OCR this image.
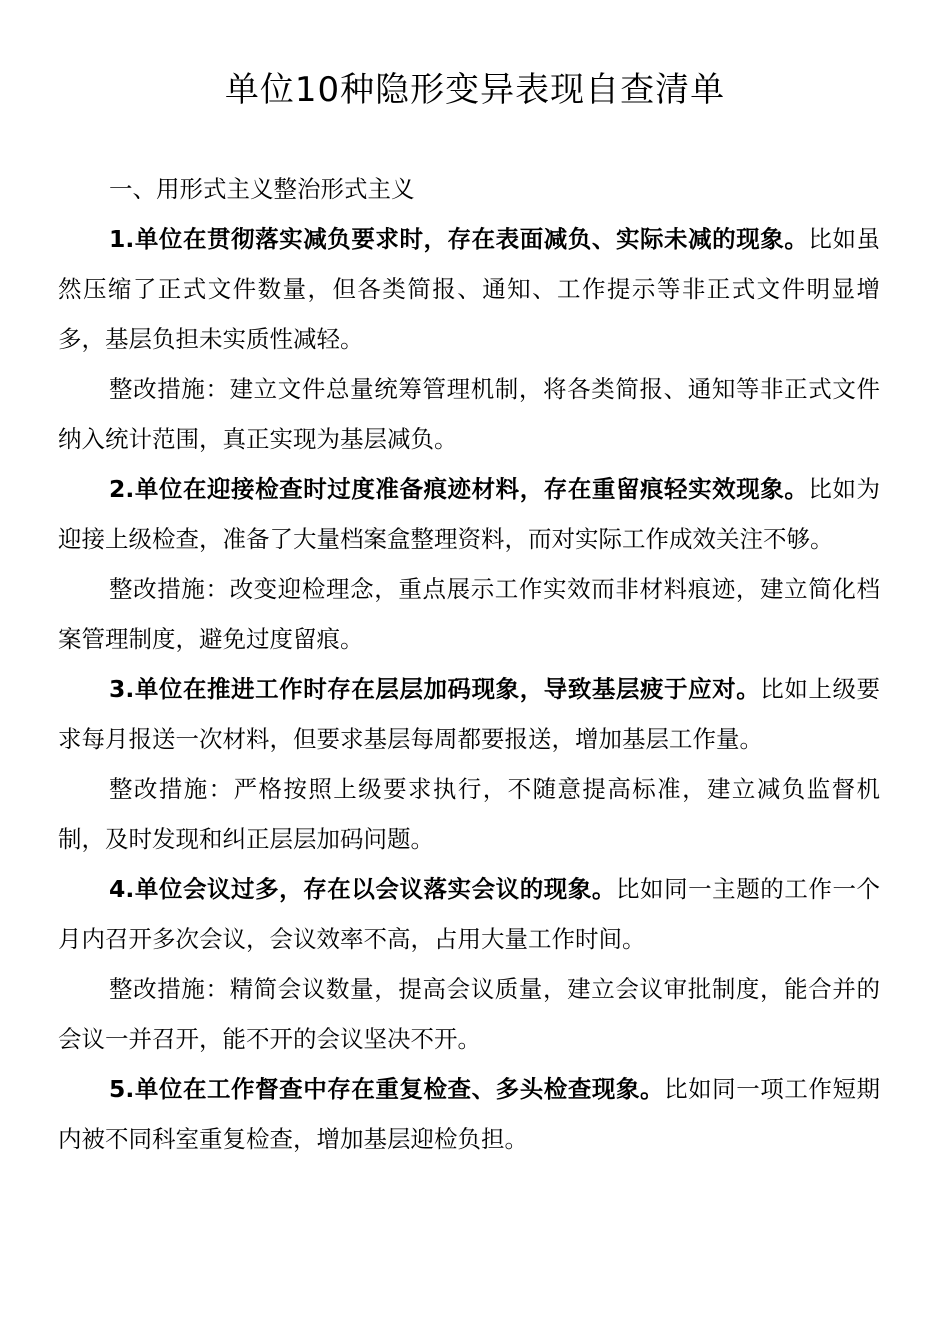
单位10种隐形变异表现自查清单

一、用形式主义整治形式主义

1.单位在贯彻落实减负要求时，存在表面减负、实际未减的现象。比如虽然压缩了正式文件数量，但各类简报、通知、工作提示等非正式文件明显增多，基层负担未实质性减轻。

整改措施：建立文件总量统筹管理机制，将各类简报、通知等非正式文件纳入统计范围，真正实现为基层减负。

2.单位在迎接检查时过度准备痕迹材料，存在重留痕轻实效现象。比如为迎接上级检查，准备了大量档案盒整理资料，而对实际工作成效关注不够。

整改措施：改变迎检理念，重点展示工作实效而非材料痕迹，建立简化档案管理制度，避免过度留痕。

3.单位在推进工作时存在层层加码现象，导致基层疲于应对。比如上级要求每月报送一次材料，但要求基层每周都要报送，增加基层工作量。

整改措施：严格按照上级要求执行，不随意提高标准，建立减负监督机制，及时发现和纠正层层加码问题。

4.单位会议过多，存在以会议落实会议的现象。比如同一主题的工作一个月内召开多次会议，会议效率不高，占用大量工作时间。

整改措施：精简会议数量，提高会议质量，建立会议审批制度，能合并的会议一并召开，能不开的会议坚决不开。

5.单位在工作督查中存在重复检查、多头检查现象。比如同一项工作短期内被不同科室重复检查，增加基层迎检负担。
